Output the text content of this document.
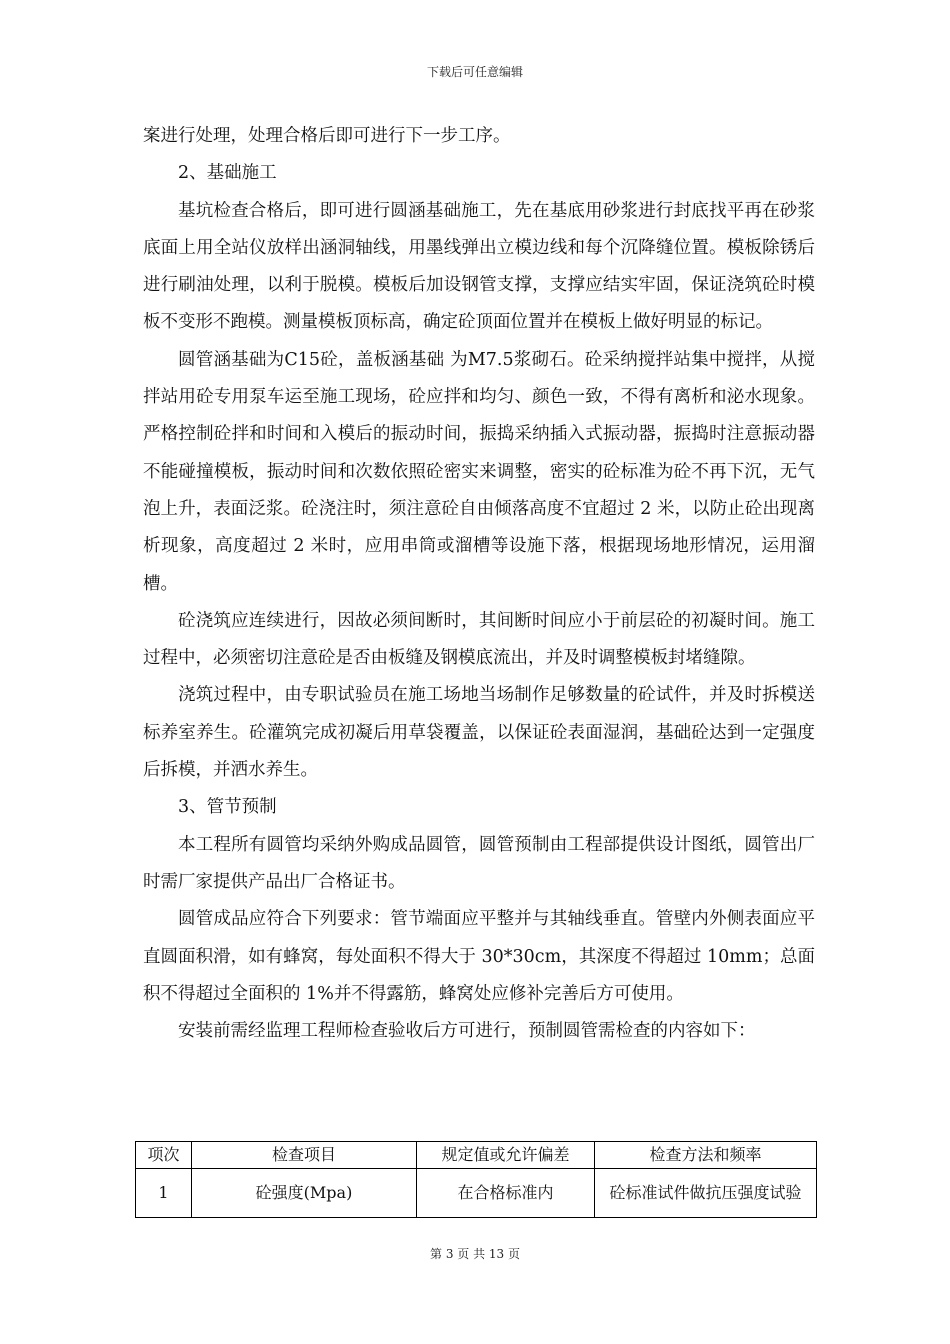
下载后可任意编辑

案进行处理，处理合格后即可进行下一步工序。

2、基础施工

基坑检查合格后，即可进行圆涵基础施工，先在基底用砂浆进行封底找平再在砂浆底面上用全站仪放样出涵洞轴线，用墨线弹出立模边线和每个沉降缝位置。模板除锈后进行刷油处理，以利于脱模。模板后加设钢管支撑，支撑应结实牢固，保证浇筑砼时模板不变形不跑模。测量模板顶标高，确定砼顶面位置并在模板上做好明显的标记。

圆管涵基础为C15砼，盖板涵基础 为M7.5浆砌石。砼采纳搅拌站集中搅拌，从搅拌站用砼专用泵车运至施工现场，砼应拌和均匀、颜色一致，不得有离析和泌水现象。严格控制砼拌和时间和入模后的振动时间，振捣采纳插入式振动器，振捣时注意振动器不能碰撞模板，振动时间和次数依照砼密实来调整，密实的砼标准为砼不再下沉，无气泡上升，表面泛浆。砼浇注时，须注意砼自由倾落高度不宜超过 2 米，以防止砼出现离析现象，高度超过 2 米时，应用串筒或溜槽等设施下落，根据现场地形情况，运用溜槽。

砼浇筑应连续进行，因故必须间断时，其间断时间应小于前层砼的初凝时间。施工过程中，必须密切注意砼是否由板缝及钢模底流出，并及时调整模板封堵缝隙。

浇筑过程中，由专职试验员在施工场地当场制作足够数量的砼试件，并及时拆模送标养室养生。砼灌筑完成初凝后用草袋覆盖，以保证砼表面湿润，基础砼达到一定强度后拆模，并洒水养生。

3、管节预制

本工程所有圆管均采纳外购成品圆管，圆管预制由工程部提供设计图纸，圆管出厂时需厂家提供产品出厂合格证书。

圆管成品应符合下列要求：管节端面应平整并与其轴线垂直。管壁内外侧表面应平直圆面积滑，如有蜂窝，每处面积不得大于 30*30cm，其深度不得超过 10mm；总面积不得超过全面积的 1%并不得露筋，蜂窝处应修补完善后方可使用。

安装前需经监理工程师检查验收后方可进行，预制圆管需检查的内容如下：

项次	检查项目	规定值或允许偏差	检查方法和频率
1	砼强度(Mpa)	在合格标准内	砼标准试件做抗压强度试验
第 3 页 共 13 页
